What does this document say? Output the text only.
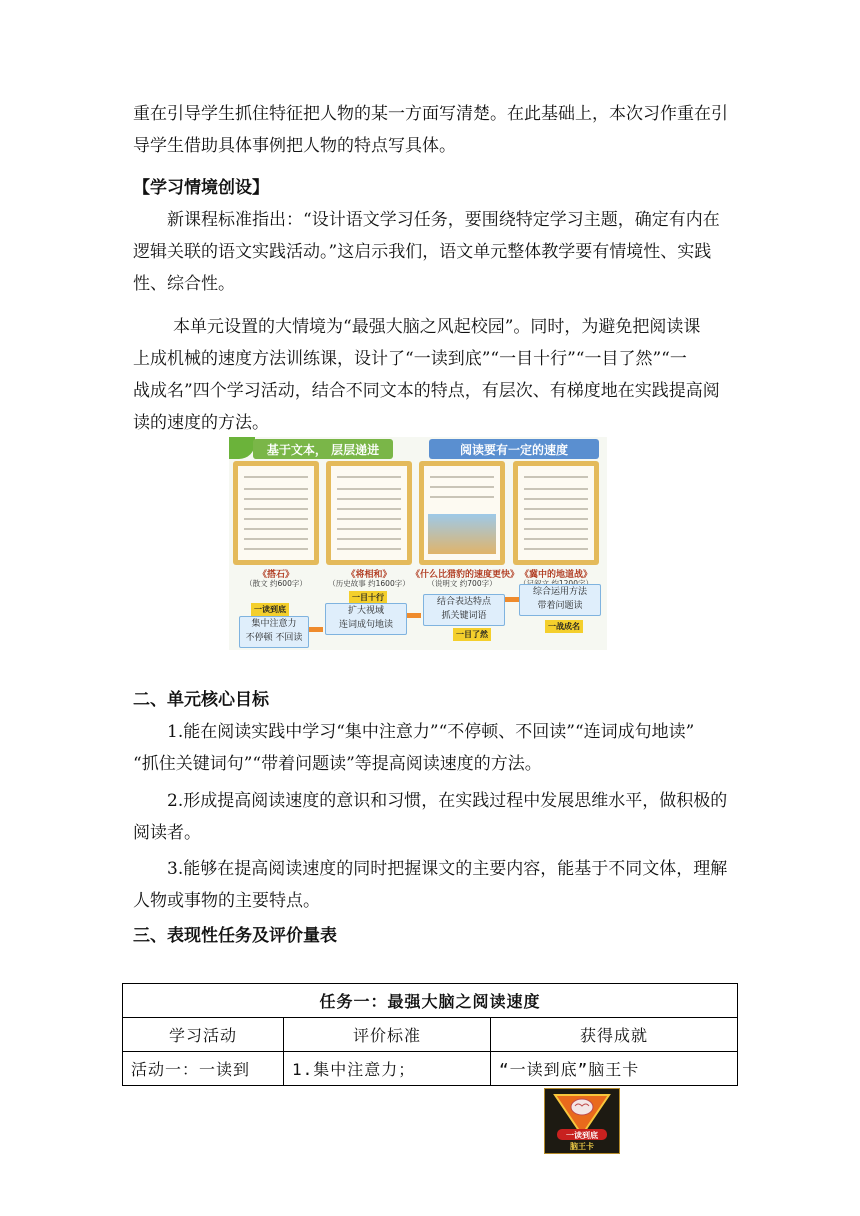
重在引导学生抓住特征把人物的某一方面写清楚。在此基础上，本次习作重在引
导学生借助具体事例把人物的特点写具体。
【学习情境创设】
新课程标准指出：“设计语文学习任务，要围绕特定学习主题，确定有内在
逻辑关联的语文实践活动。”这启示我们，语文单元整体教学要有情境性、实践
性、综合性。
本单元设置的大情境为“最强大脑之风起校园”。同时，为避免把阅读课
上成机械的速度方法训练课，设计了“一读到底”“一目十行”“一目了然”“一
战成名”四个学习活动，结合不同文本的特点，有层次、有梯度地在实践提高阅
读的速度的方法。
基于文本， 层层递进	阅读要有一定的速度
《搭石》
（散文 约600字）
《将相和》
（历史故事 约1600字）
《什么比猎豹的速度更快》
（说明文 约700字）
《冀中的地道战》
一读到底
集中注意力
不停顿 不回读
一目十行
扩大视域
连词成句地读
结合表达特点
抓关键词语
一目了然
综合运用方法
带着问题读
一战成名
二、单元核心目标
1.能在阅读实践中学习“集中注意力”“不停顿、不回读”“连词成句地读”
“抓住关键词句”“带着问题读”等提高阅读速度的方法。
2.形成提高阅读速度的意识和习惯，在实践过程中发展思维水平，做积极的
阅读者。
3.能够在提高阅读速度的同时把握课文的主要内容，能基于不同文体，理解
人物或事物的主要特点。
三、表现性任务及评价量表
任务一：最强大脑之阅读速度		
学习活动	评价标准	获得成就
活动一：一读到	1.集中注意力；	“一读到底”脑王卡
一读到底
脑王卡
